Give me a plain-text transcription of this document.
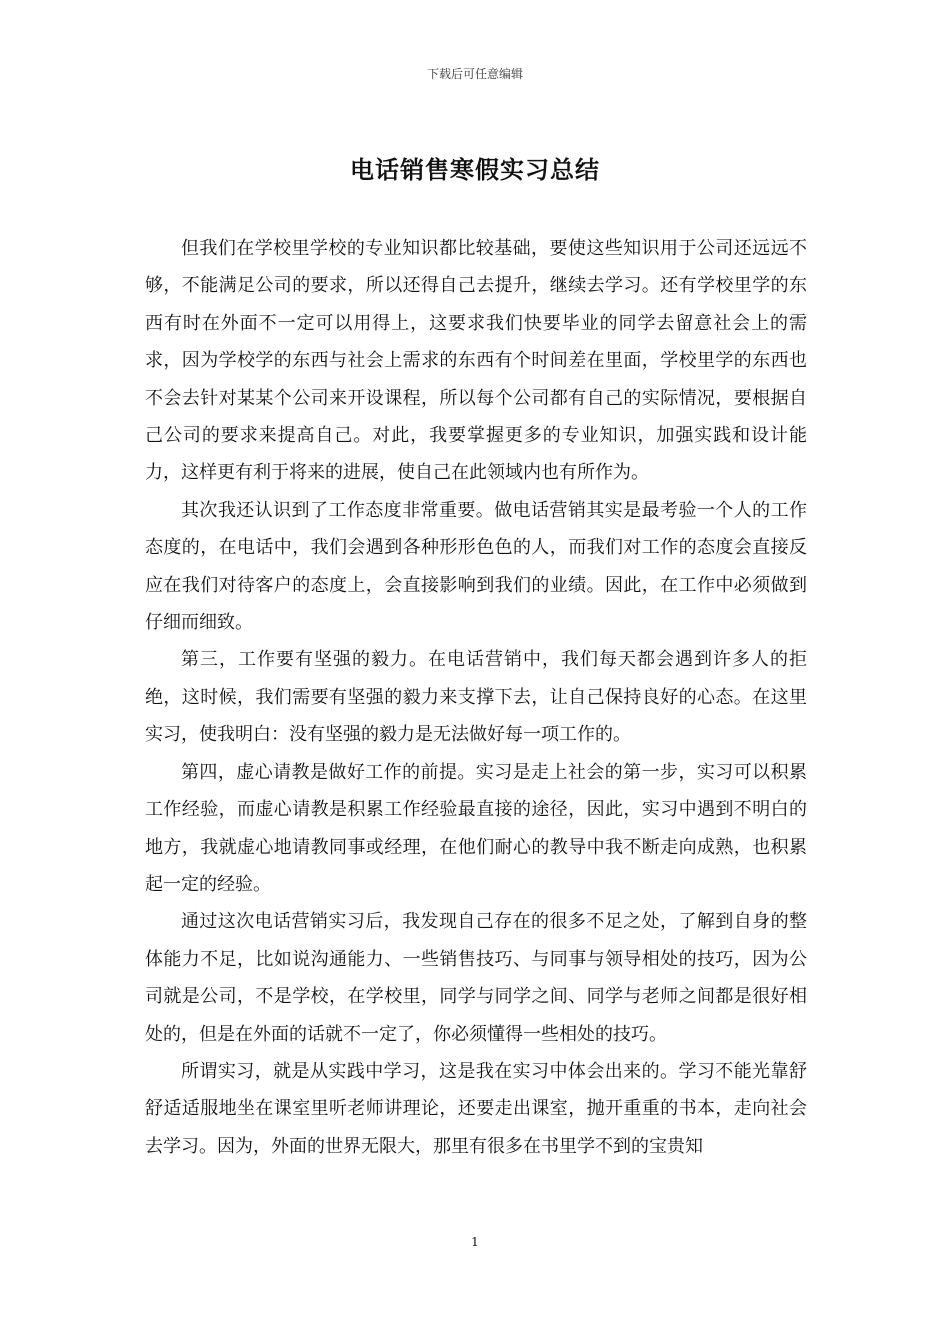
下载后可任意编辑
电话销售寒假实习总结

但我们在学校里学校的专业知识都比较基础，要使这些知识用于公司还远远不够，不能满足公司的要求，所以还得自己去提升，继续去学习。还有学校里学的东西有时在外面不一定可以用得上，这要求我们快要毕业的同学去留意社会上的需求，因为学校学的东西与社会上需求的东西有个时间差在里面，学校里学的东西也不会去针对某某个公司来开设课程，所以每个公司都有自己的实际情况，要根据自己公司的要求来提高自己。对此，我要掌握更多的专业知识，加强实践和设计能力，这样更有利于将来的进展，使自己在此领域内也有所作为。

其次我还认识到了工作态度非常重要。做电话营销其实是最考验一个人的工作态度的，在电话中，我们会遇到各种形形色色的人，而我们对工作的态度会直接反应在我们对待客户的态度上，会直接影响到我们的业绩。因此，在工作中必须做到仔细而细致。

第三，工作要有坚强的毅力。在电话营销中，我们每天都会遇到许多人的拒绝，这时候，我们需要有坚强的毅力来支撑下去，让自己保持良好的心态。在这里实习，使我明白：没有坚强的毅力是无法做好每一项工作的。

第四，虚心请教是做好工作的前提。实习是走上社会的第一步，实习可以积累工作经验，而虚心请教是积累工作经验最直接的途径，因此，实习中遇到不明白的地方，我就虚心地请教同事或经理，在他们耐心的教导中我不断走向成熟，也积累起一定的经验。

通过这次电话营销实习后，我发现自己存在的很多不足之处，了解到自身的整体能力不足，比如说沟通能力、一些销售技巧、与同事与领导相处的技巧，因为公司就是公司，不是学校，在学校里，同学与同学之间、同学与老师之间都是很好相处的，但是在外面的话就不一定了，你必须懂得一些相处的技巧。

所谓实习，就是从实践中学习，这是我在实习中体会出来的。学习不能光靠舒舒适适服地坐在课室里听老师讲理论，还要走出课室，抛开重重的书本，走向社会去学习。因为，外面的世界无限大，那里有很多在书里学不到的宝贵知

1
